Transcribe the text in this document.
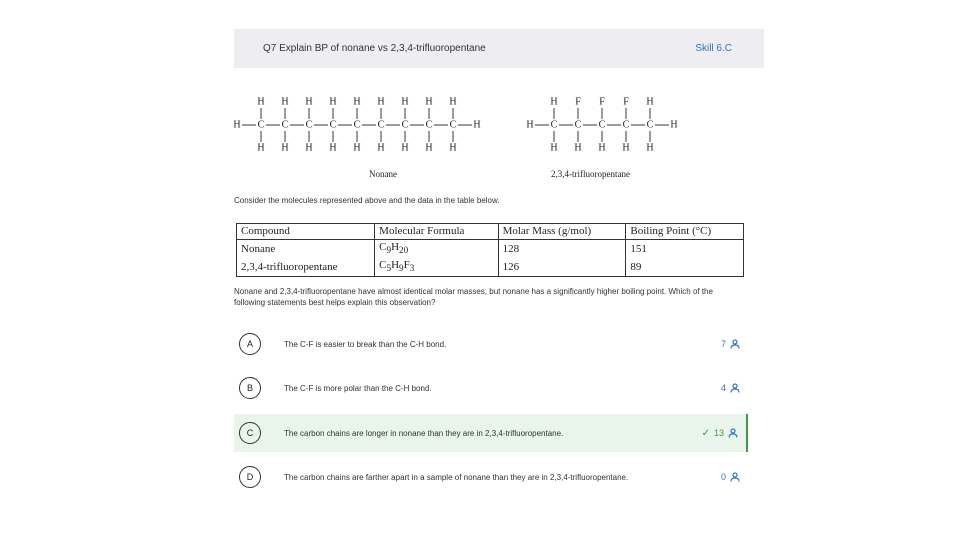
Q7 Explain BP of nonane vs 2,3,4-trifluoropentane	Skill 6.C
H C
H
H
C
H
H
C
H
H
C
H
H
C
H
H
C
H
H
C
H
H
C
H
H
C
H
H
H	H C
H
H
C
F
H
C
F
H
C
F
H
C
H
H
H
Nonane	2,3,4-trifluoropentane
Consider the molecules represented above and the data in the table below.
Compound	Molecular Formula	Molar Mass (g/mol)	Boiling Point (°C)
Nonane	$C_9H_{20}$	128	151
2,3,4-trifluoropentane	$C_5H_9F_3$	126	89
Nonane and 2,3,4-trifluoropentane have almost identical molar masses, but nonane has a significantly higher boiling point. Which of the following statements best helps explain this observation?
A	The C-F is easier to break than the C-H bond.	7
B	The C-F is more polar than the C-H bond.	4
C	The carbon chains are longer in nonane than they are in 2,3,4-trifluoropentane.	✓ 13
D	The carbon chains are farther apart in a sample of nonane than they are in 2,3,4-trifluoropentane.	0
